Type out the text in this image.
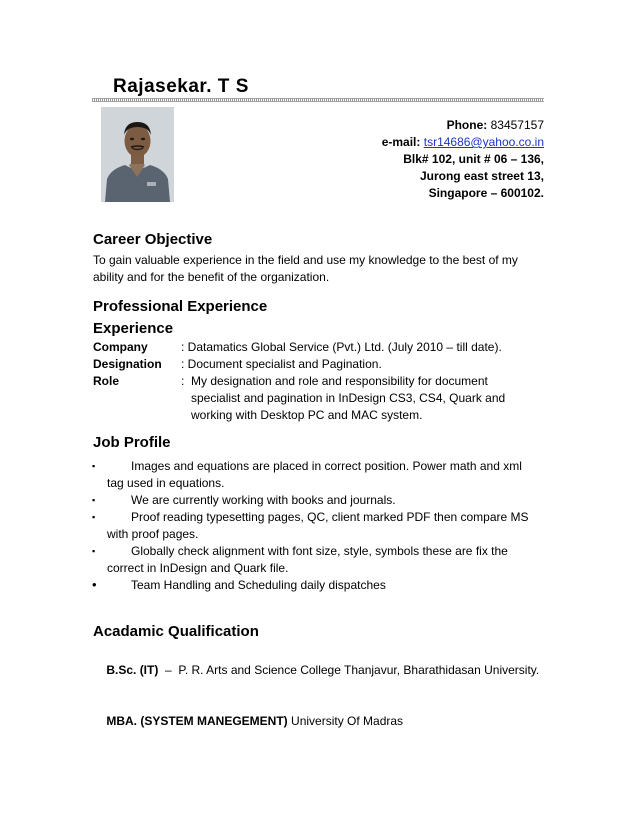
Rajasekar. T S
Phone: 83457157
e-mail: tsr14686@yahoo.co.in
Blk# 102, unit # 06 – 136,
Jurong east street 13,
Singapore – 600102.
Career Objective
To gain valuable experience in the field and use my knowledge to the best of my
ability and for the benefit of the organization.
Professional Experience
Experience
Company	: Datamatics Global Service (Pvt.) Ltd. (July 2010 – till date).
Designation : Document specialist and Pagination.
Role	:  My designation and role and responsibility for document
specialist and pagination in InDesign CS3, CS4, Quark and
working with Desktop PC and MAC system.
Job Profile
▪	Images and equations are placed in correct position. Power math and xml
tag used in equations.
▪	We are currently working with books and journals.
▪	Proof reading typesetting pages, QC, client marked PDF then compare MS
with proof pages.
▪	Globally check alignment with font size, style, symbols these are fix the
correct in InDesign and Quark file.
•	Team Handling and Scheduling daily dispatches
Acadamic Qualification

B.Sc. (IT)  –  P. R. Arts and Science College Thanjavur, Bharathidasan University.

MBA. (SYSTEM MANEGEMENT) University Of Madras
